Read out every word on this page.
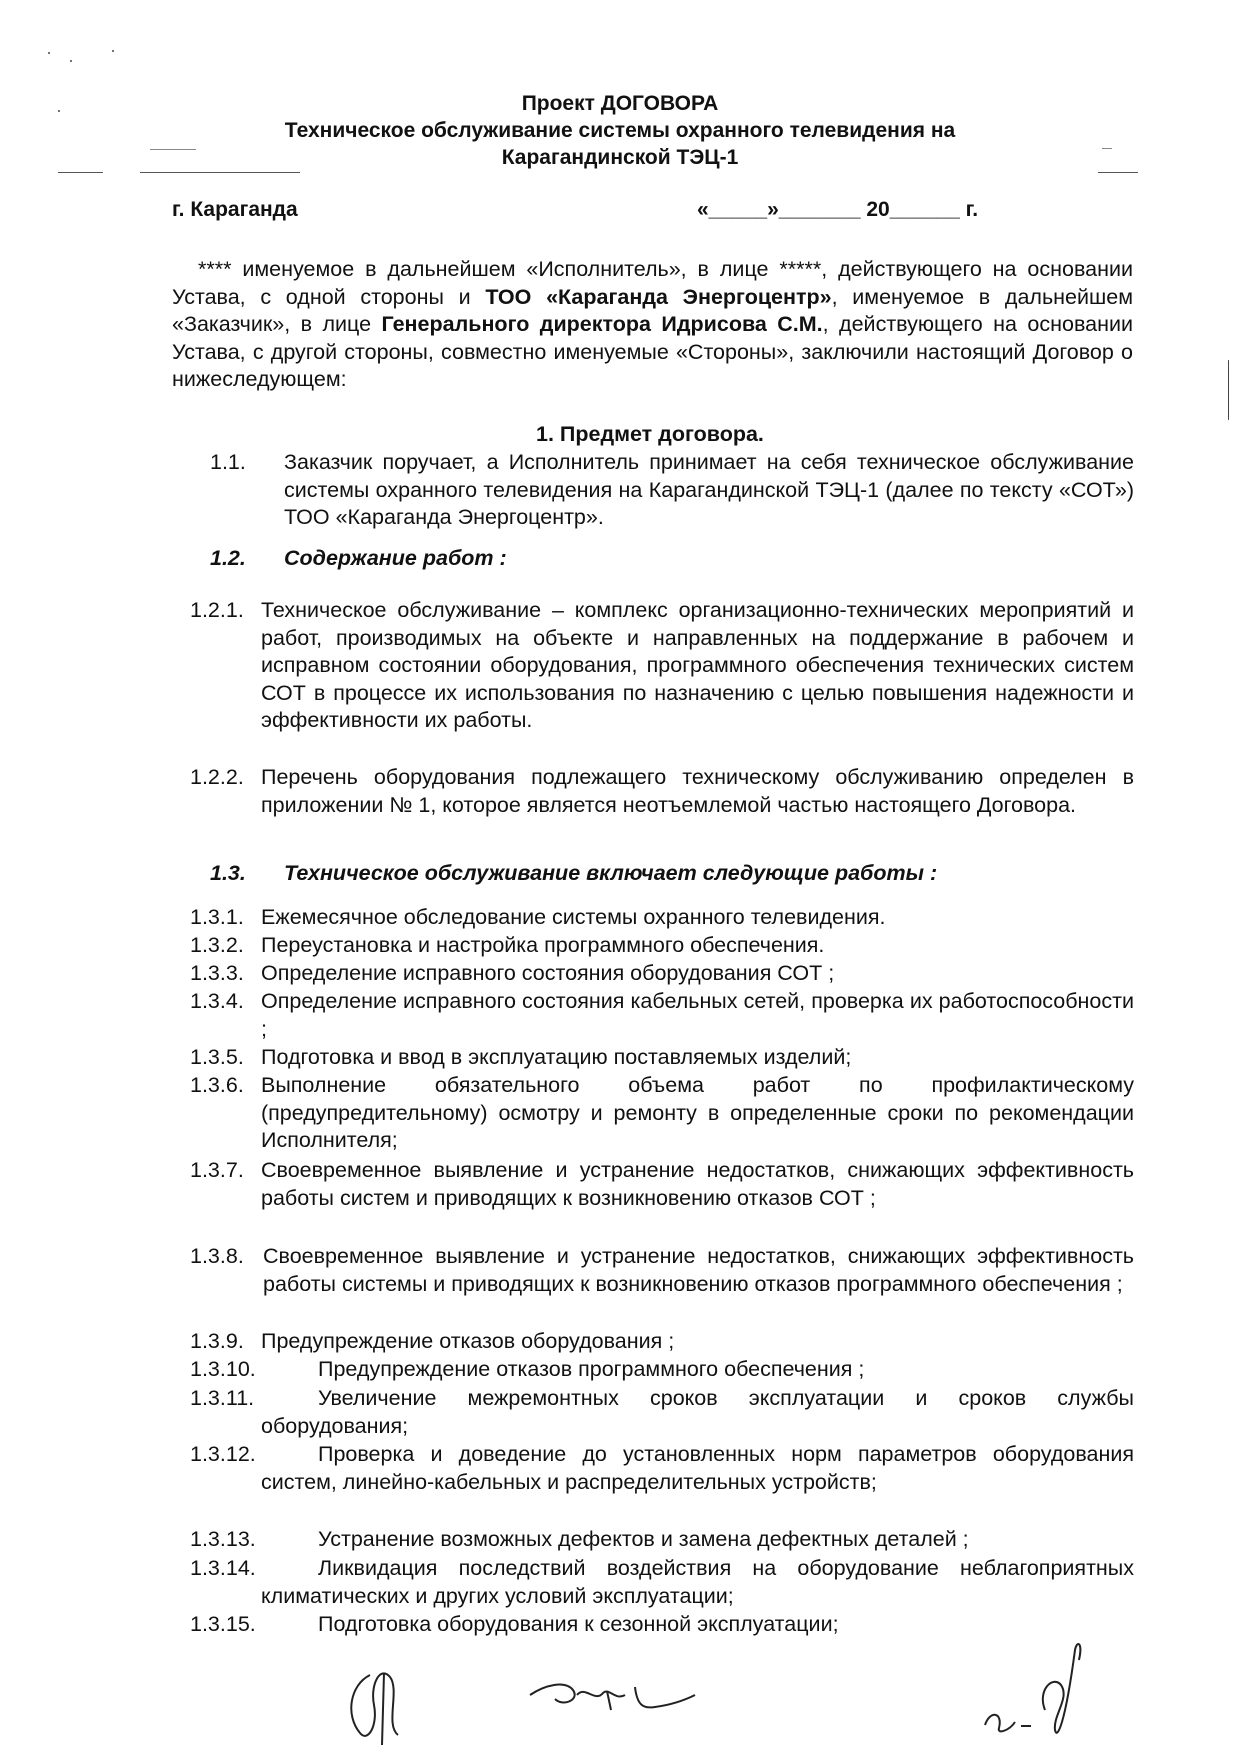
Проект ДОГОВОРА
Техническое обслуживание системы охранного телевидения на
Карагандинской ТЭЦ-1
г. Караганда	«_____»_______ 20______ г.
**** именуемое в дальнейшем «Исполнитель», в лице *****, действующего на основании Устава, с одной стороны и ТОО «Караганда Энергоцентр», именуемое в дальнейшем «Заказчик», в лице Генерального директора Идрисова С.М., действующего на основании Устава, с другой стороны, совместно именуемые «Стороны», заключили настоящий Договор о нижеследующем:
1. Предмет договора.
1.1. Заказчик поручает, а Исполнитель принимает на себя техническое обслуживание системы охранного телевидения на Карагандинской ТЭЦ-1 (далее по тексту «СОТ») ТОО «Караганда Энергоцентр».
1.2. Содержание работ :
1.2.1. Техническое обслуживание – комплекс организационно-технических мероприятий и работ, производимых на объекте и направленных на поддержание в рабочем и исправном состоянии оборудования, программного обеспечения технических систем СОТ в процессе их использования по назначению с целью повышения надежности и эффективности их работы.
1.2.2. Перечень оборудования подлежащего техническому обслуживанию определен в приложении № 1, которое является неотъемлемой частью настоящего Договора.
1.3. Техническое обслуживание включает следующие работы :
1.3.1. Ежемесячное обследование системы охранного телевидения.
1.3.2. Переустановка и настройка программного обеспечения.
1.3.3. Определение исправного состояния оборудования СОТ ;
1.3.4. Определение исправного состояния кабельных сетей, проверка их работоспособности ;
1.3.5. Подготовка и ввод в эксплуатацию поставляемых изделий;
1.3.6. Выполнение обязательного объема работ по профилактическому (предупредительному) осмотру и ремонту в определенные сроки по рекомендации Исполнителя;
1.3.7. Своевременное выявление и устранение недостатков, снижающих эффективность работы систем и приводящих к возникновению отказов СОТ ;
1.3.8. Своевременное выявление и устранение недостатков, снижающих эффективность работы системы и приводящих к возникновению отказов программного обеспечения ;
1.3.9. Предупреждение отказов оборудования ;
1.3.10.	Предупреждение отказов программного обеспечения ;
1.3.11.	Увеличение межремонтных сроков эксплуатации и сроков службы оборудования;
1.3.12.	Проверка и доведение до установленных норм параметров оборудования систем, линейно-кабельных и распределительных устройств;
1.3.13.	Устранение возможных дефектов и замена дефектных деталей ;
1.3.14.	Ликвидация последствий воздействия на оборудование неблагоприятных климатических и других условий эксплуатации;
1.3.15.	Подготовка оборудования к сезонной эксплуатации;
